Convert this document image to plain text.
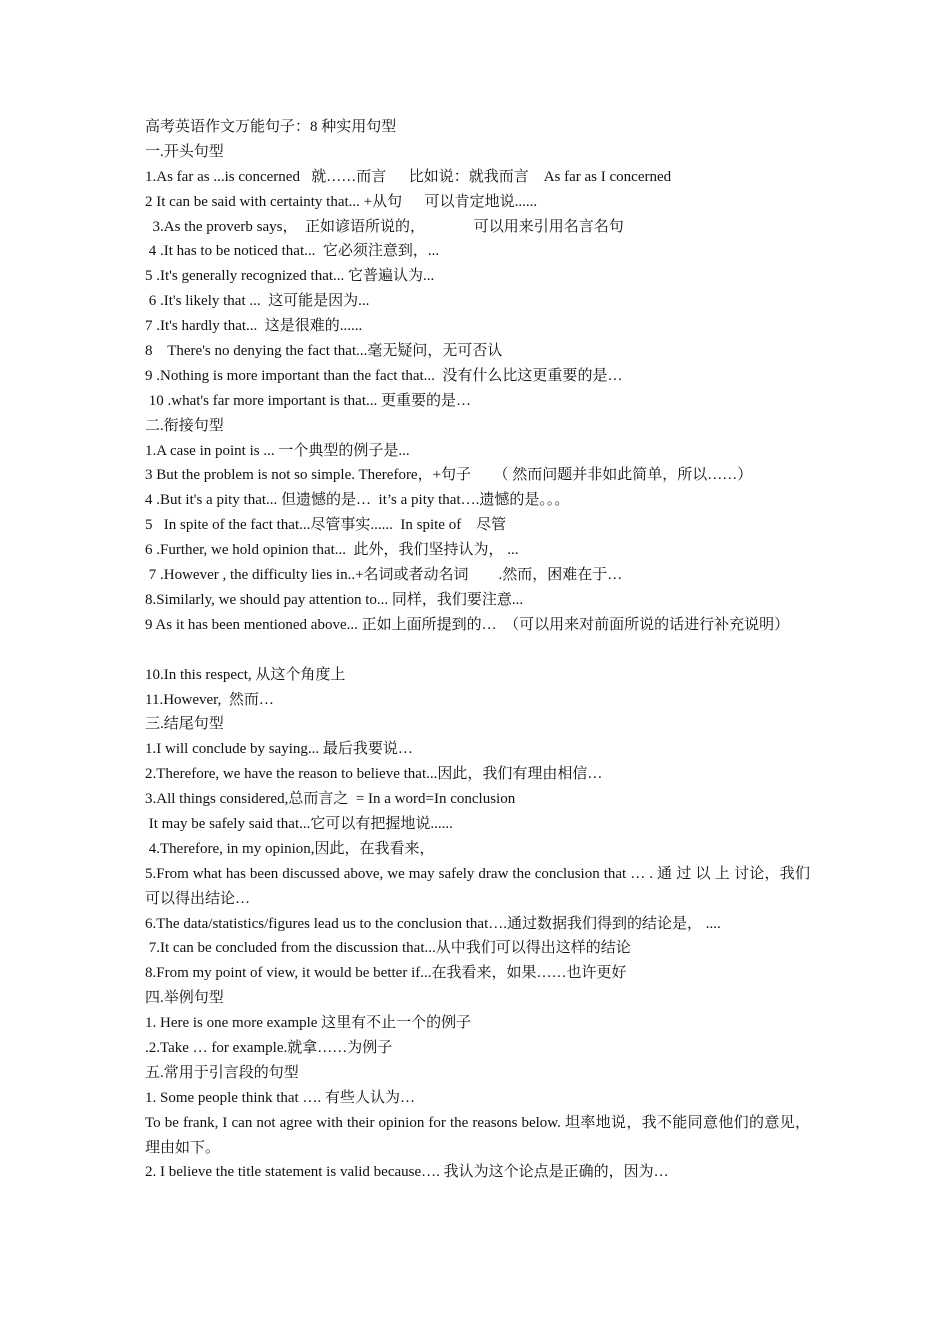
高考英语作文万能句子：8 种实用句型
一.开头句型
1.As far as ...is concerned   就……而言      比如说：就我而言    As far as I concerned
2 It can be said with certainty that... +从句      可以肯定地说......
3.As the proverb says，  正如谚语所说的，             可以用来引用名言名句
4 .It has to be noticed that...  它必须注意到，...
5 .It's generally recognized that... 它普遍认为...
6 .It's likely that ...  这可能是因为...
7 .It's hardly that...  这是很难的......
8    There's no denying the fact that...毫无疑问，无可否认
9 .Nothing is more important than the fact that...  没有什么比这更重要的是…
10 .what's far more important is that... 更重要的是…
二.衔接句型
1.A case in point is ... 一个典型的例子是...
3 But the problem is not so simple. Therefore，+句子      （ 然而问题并非如此简单，所以……）
4 .But it's a pity that... 但遗憾的是…  it’s a pity that….遗憾的是。。。
5   In spite of the fact that...尽管事实......  In spite of    尽管
6 .Further, we hold opinion that...  此外，我们坚持认为， ...
7 .However , the difficulty lies in..+名词或者动名词        .然而，困难在于…
8.Similarly, we should pay attention to... 同样，我们要注意...
9 As it has been mentioned above... 正如上面所提到的…  （可以用来对前面所说的话进行补充说明）
10.In this respect, 从这个角度上
11.However,  然而…
三.结尾句型
1.I will conclude by saying... 最后我要说…
2.Therefore, we have the reason to believe that...因此，我们有理由相信…
3.All things considered,总而言之  = In a word=In conclusion
It may be safely said that...它可以有把握地说......
4.Therefore, in my opinion,因此，在我看来，
5.From what has been discussed above, we may safely draw the conclusion that … . 通 过 以 上 讨论，我们可以得出结论…
6.The data/statistics/figures lead us to the conclusion that….通过数据我们得到的结论是， ....
7.It can be concluded from the discussion that...从中我们可以得出这样的结论
8.From my point of view, it would be better if...在我看来，如果……也许更好
四.举例句型
1. Here is one more example 这里有不止一个的例子
.2.Take … for example.就拿……为例子
五.常用于引言段的句型
1. Some people think that …. 有些人认为…
To be frank, I can not agree with their opinion for the reasons below. 坦率地说，我不能同意他们的意见，理由如下。
2. I believe the title statement is valid because…. 我认为这个论点是正确的，因为…
